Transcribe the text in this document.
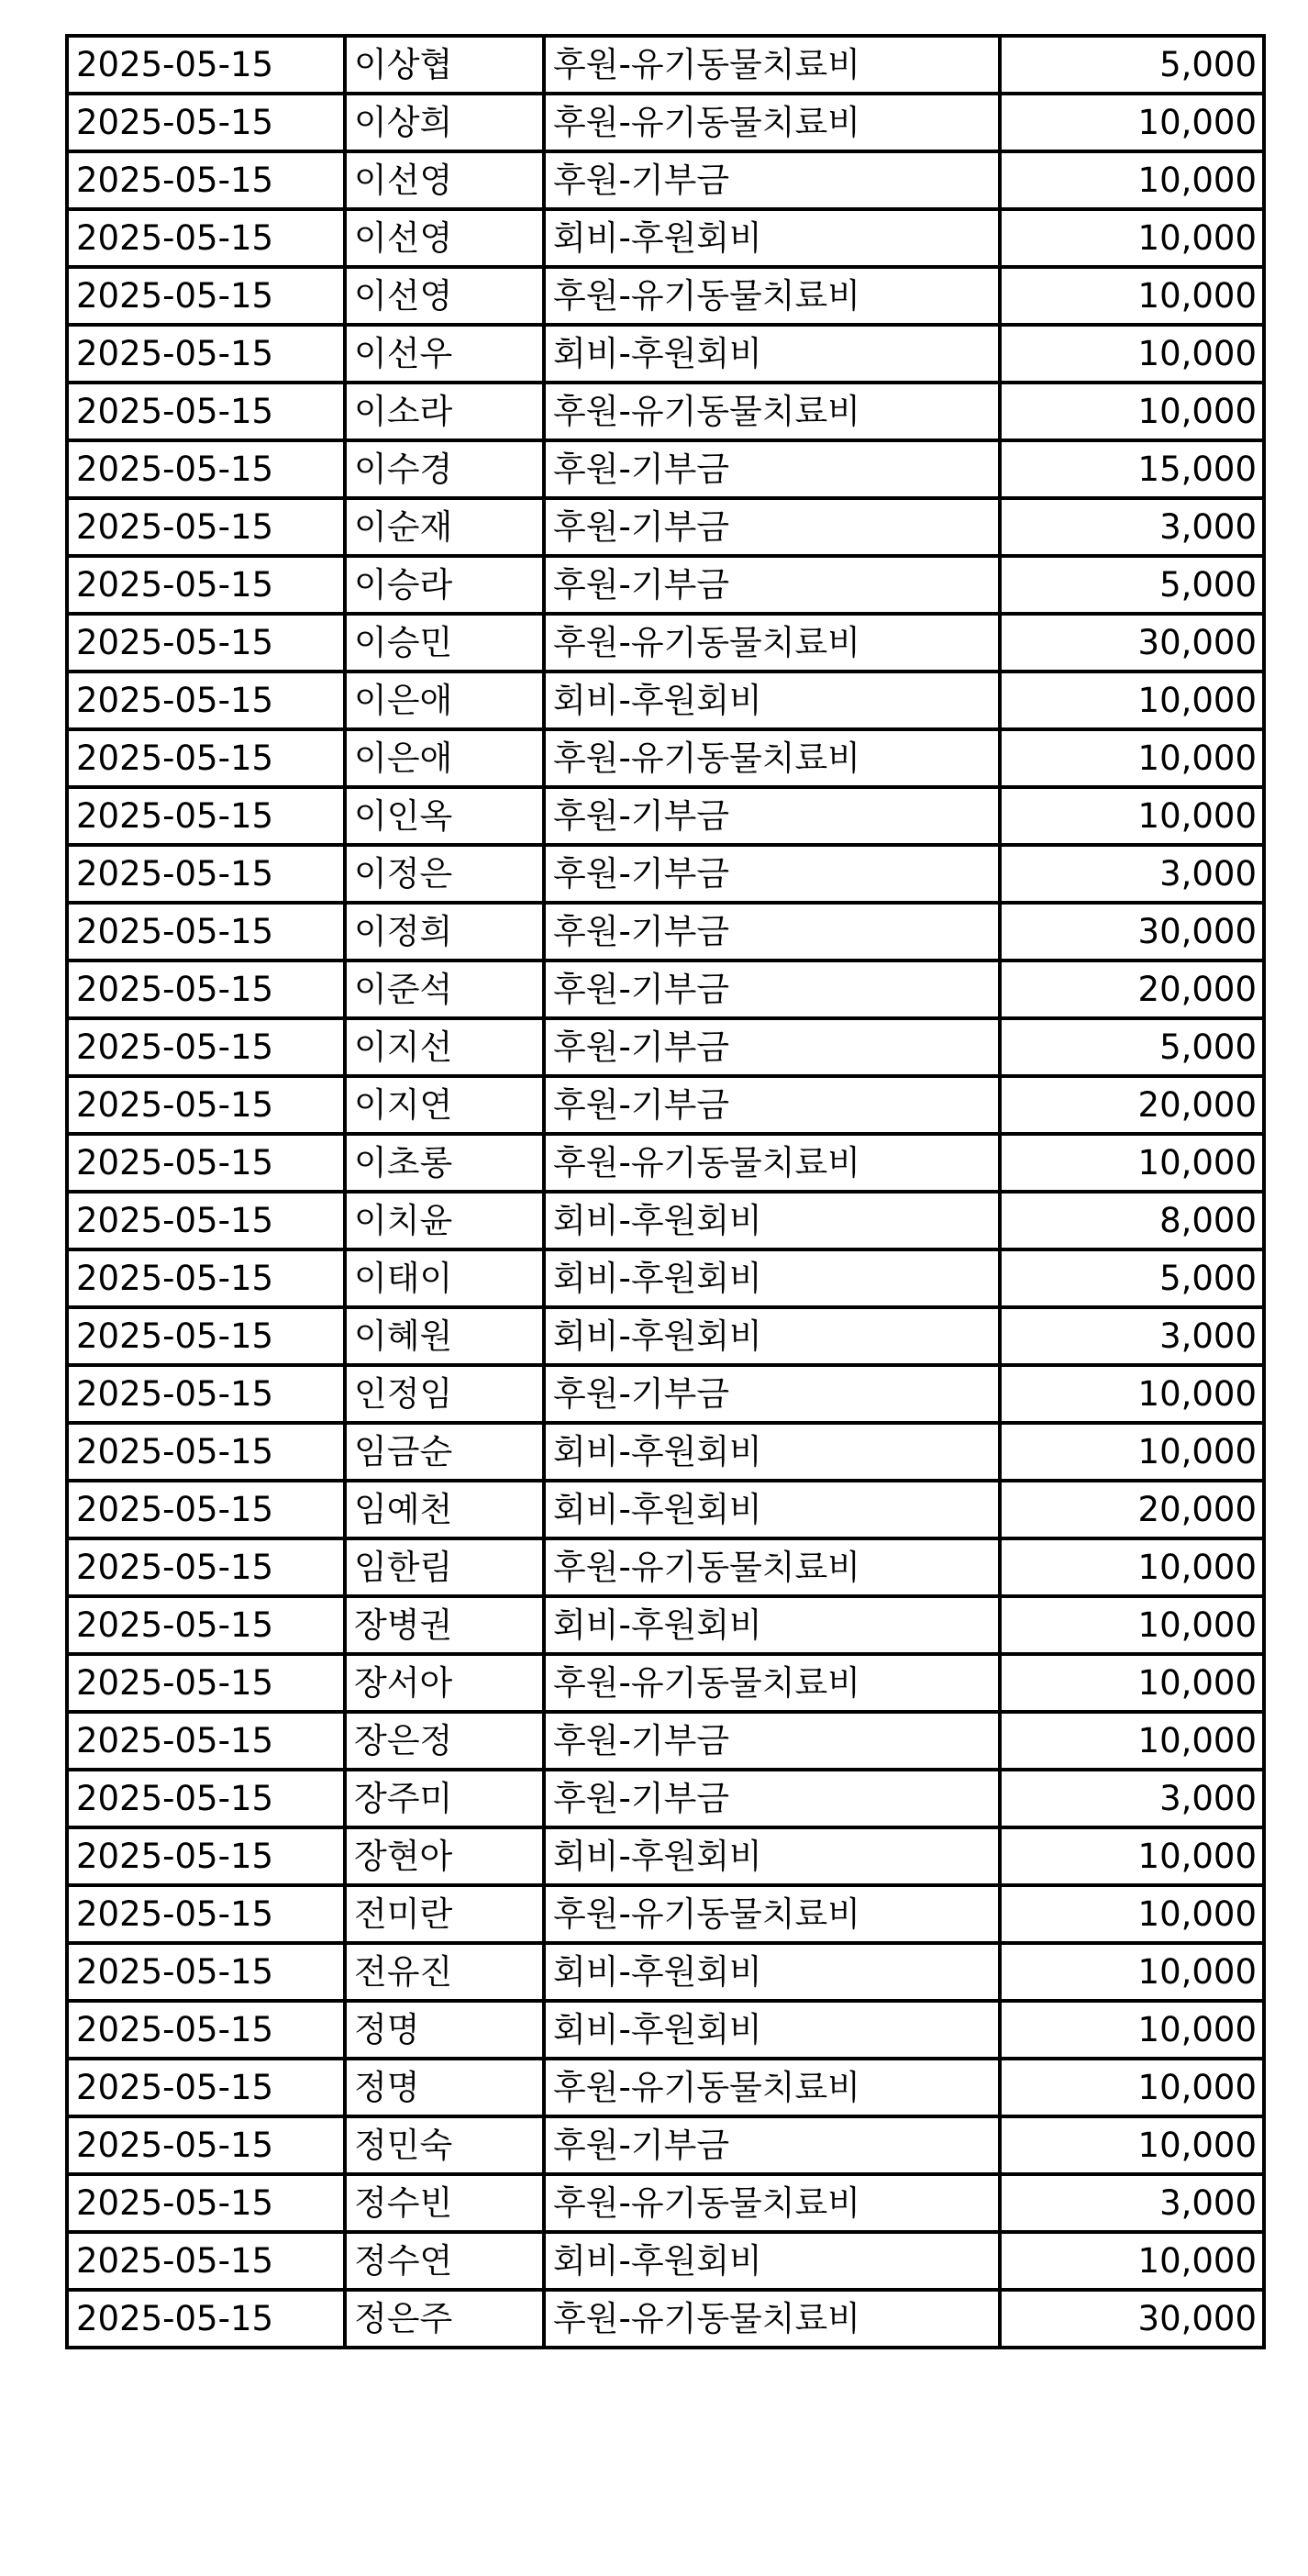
2025-05-15	이상협	후원-유기동물치료비	5,000
2025-05-15	이상희	후원-유기동물치료비	10,000
2025-05-15	이선영	후원-기부금	10,000
2025-05-15	이선영	회비-후원회비	10,000
2025-05-15	이선영	후원-유기동물치료비	10,000
2025-05-15	이선우	회비-후원회비	10,000
2025-05-15	이소라	후원-유기동물치료비	10,000
2025-05-15	이수경	후원-기부금	15,000
2025-05-15	이순재	후원-기부금	3,000
2025-05-15	이승라	후원-기부금	5,000
2025-05-15	이승민	후원-유기동물치료비	30,000
2025-05-15	이은애	회비-후원회비	10,000
2025-05-15	이은애	후원-유기동물치료비	10,000
2025-05-15	이인옥	후원-기부금	10,000
2025-05-15	이정은	후원-기부금	3,000
2025-05-15	이정희	후원-기부금	30,000
2025-05-15	이준석	후원-기부금	20,000
2025-05-15	이지선	후원-기부금	5,000
2025-05-15	이지연	후원-기부금	20,000
2025-05-15	이초롱	후원-유기동물치료비	10,000
2025-05-15	이치윤	회비-후원회비	8,000
2025-05-15	이태이	회비-후원회비	5,000
2025-05-15	이혜원	회비-후원회비	3,000
2025-05-15	인정임	후원-기부금	10,000
2025-05-15	임금순	회비-후원회비	10,000
2025-05-15	임예천	회비-후원회비	20,000
2025-05-15	임한림	후원-유기동물치료비	10,000
2025-05-15	장병권	회비-후원회비	10,000
2025-05-15	장서아	후원-유기동물치료비	10,000
2025-05-15	장은정	후원-기부금	10,000
2025-05-15	장주미	후원-기부금	3,000
2025-05-15	장현아	회비-후원회비	10,000
2025-05-15	전미란	후원-유기동물치료비	10,000
2025-05-15	전유진	회비-후원회비	10,000
2025-05-15	정명	회비-후원회비	10,000
2025-05-15	정명	후원-유기동물치료비	10,000
2025-05-15	정민숙	후원-기부금	10,000
2025-05-15	정수빈	후원-유기동물치료비	3,000
2025-05-15	정수연	회비-후원회비	10,000
2025-05-15	정은주	후원-유기동물치료비	30,000
